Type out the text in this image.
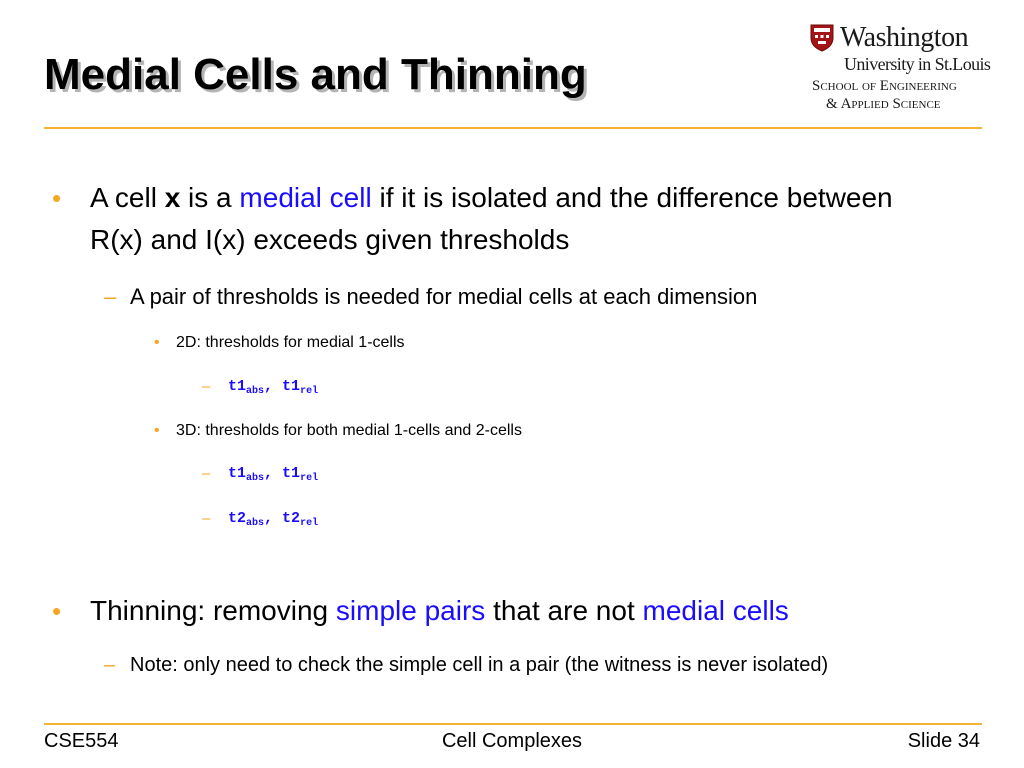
Medial Cells and Thinning
Washington
University in St.Louis
School of Engineering
& Applied Science
• A cell x is a medial cell if it is isolated and the difference between R(x) and I(x) exceeds given thresholds
– A pair of thresholds is needed for medial cells at each dimension
• 2D: thresholds for medial 1-cells
– $t1_{abs}$, $t1_{rel}$
• 3D: thresholds for both medial 1-cells and 2-cells
– $t1_{abs}$, $t1_{rel}$
– $t2_{abs}$, $t2_{rel}$
• Thinning: removing simple pairs that are not medial cells
– Note: only need to check the simple cell in a pair (the witness is never isolated)
CSE554	Cell Complexes	Slide 34
